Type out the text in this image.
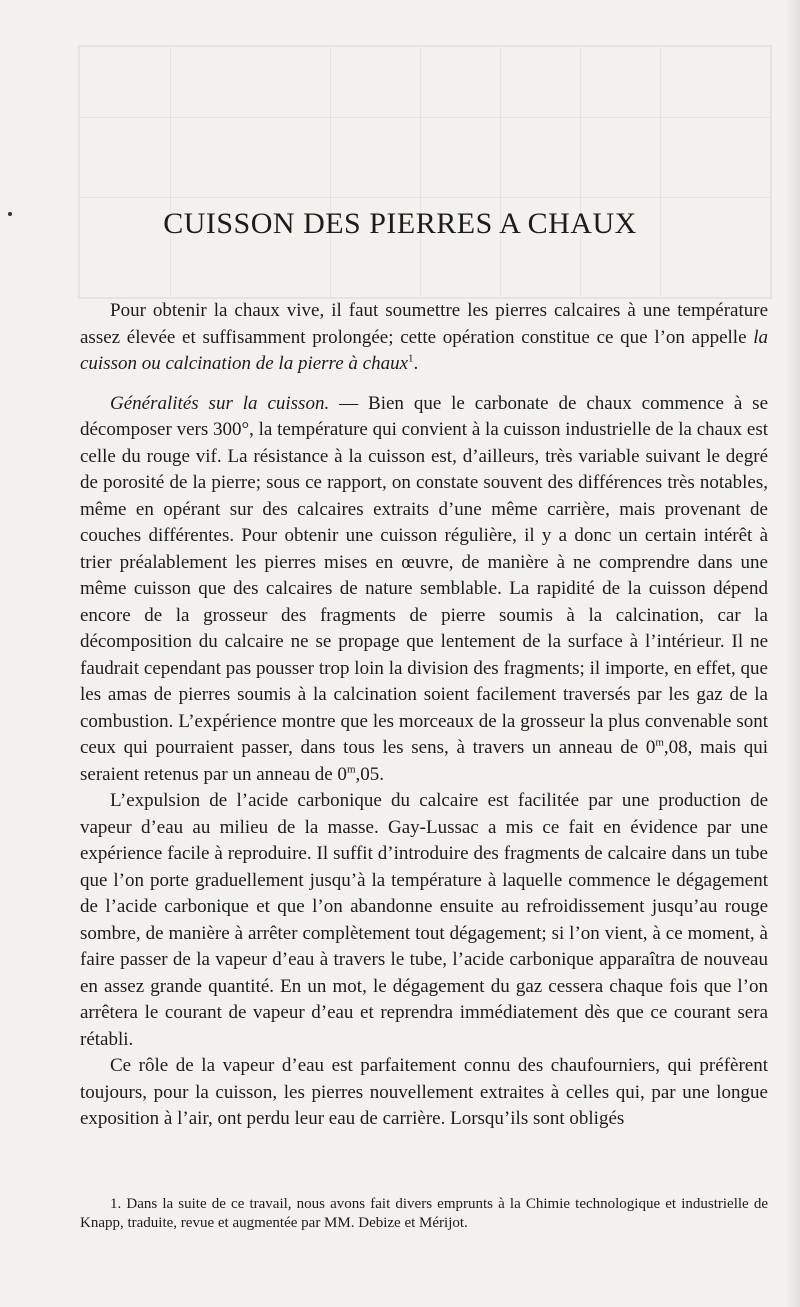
CUISSON DES PIERRES A CHAUX

Pour obtenir la chaux vive, il faut soumettre les pierres calcaires à une température assez élevée et suffisamment prolongée; cette opération constitue ce que l’on appelle la cuisson ou calcination de la pierre à chaux$^1$.

Généralités sur la cuisson. — Bien que le carbonate de chaux commence à se décomposer vers 300°, la température qui convient à la cuisson industrielle de la chaux est celle du rouge vif. La résistance à la cuisson est, d’ailleurs, très variable suivant le degré de porosité de la pierre; sous ce rapport, on constate souvent des différences très notables, même en opérant sur des calcaires extraits d’une même carrière, mais provenant de couches différentes. Pour obtenir une cuisson régulière, il y a donc un certain intérêt à trier préalablement les pierres mises en œuvre, de manière à ne comprendre dans une même cuisson que des calcaires de nature semblable. La rapidité de la cuisson dépend encore de la grosseur des fragments de pierre soumis à la calcination, car la décomposition du calcaire ne se propage que lentement de la surface à l’intérieur. Il ne faudrait cependant pas pousser trop loin la division des fragments; il importe, en effet, que les amas de pierres soumis à la calcination soient facilement traversés par les gaz de la combustion. L’expérience montre que les morceaux de la grosseur la plus convenable sont ceux qui pourraient passer, dans tous les sens, à travers un anneau de 0$^m$,08, mais qui seraient retenus par un anneau de 0$^m$,05.

L’expulsion de l’acide carbonique du calcaire est facilitée par une production de vapeur d’eau au milieu de la masse. Gay-Lussac a mis ce fait en évidence par une expérience facile à reproduire. Il suffit d’introduire des fragments de calcaire dans un tube que l’on porte graduellement jusqu’à la température à laquelle commence le dégagement de l’acide carbonique et que l’on abandonne ensuite au refroidissement jusqu’au rouge sombre, de manière à arrêter complètement tout dégagement; si l’on vient, à ce moment, à faire passer de la vapeur d’eau à travers le tube, l’acide carbonique apparaîtra de nouveau en assez grande quantité. En un mot, le dégagement du gaz cessera chaque fois que l’on arrêtera le courant de vapeur d’eau et reprendra immédiatement dès que ce courant sera rétabli.

Ce rôle de la vapeur d’eau est parfaitement connu des chaufourniers, qui préfèrent toujours, pour la cuisson, les pierres nouvellement extraites à celles qui, par une longue exposition à l’air, ont perdu leur eau de carrière. Lorsqu’ils sont obligés

1. Dans la suite de ce travail, nous avons fait divers emprunts à la Chimie technologique et industrielle de Knapp, traduite, revue et augmentée par MM. Debize et Mérijot.
